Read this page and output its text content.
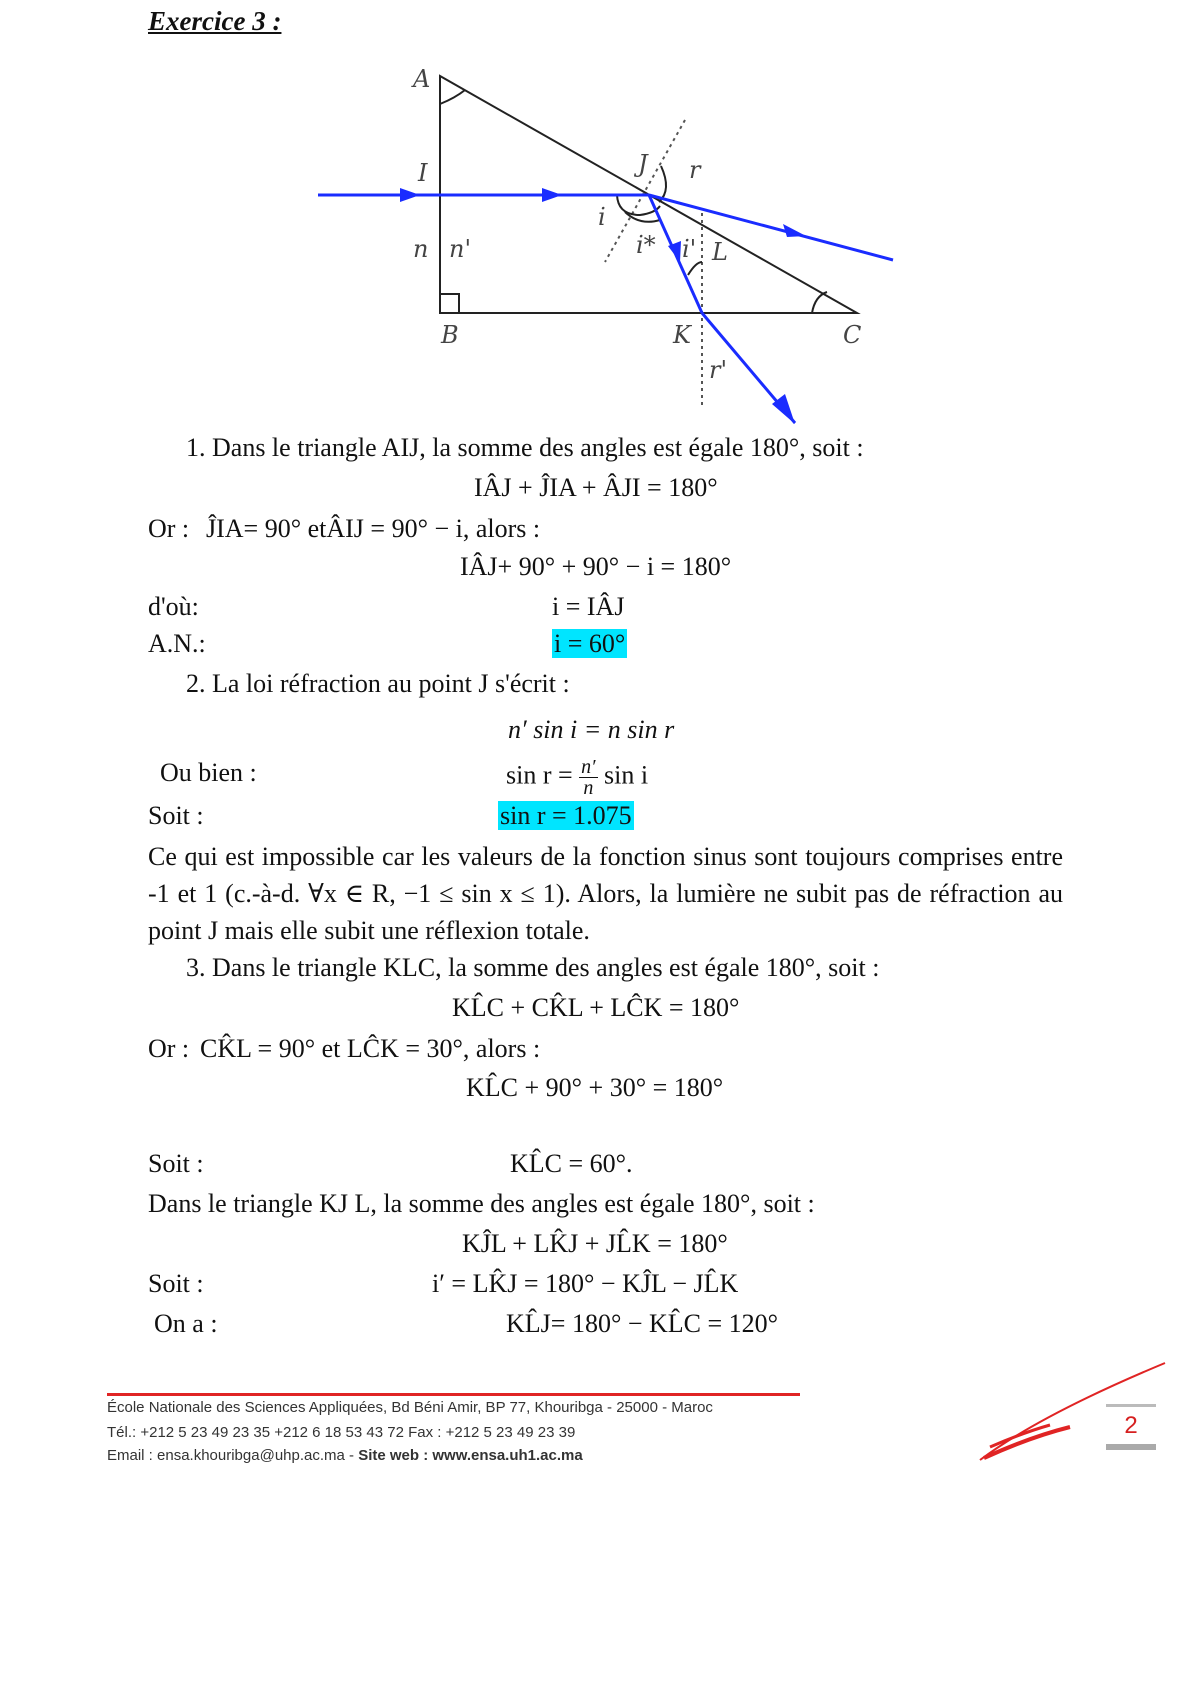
Exercice 3 :
A
I	J r
i
i* i' L
n n'
B	K	C
r'
1. Dans le triangle AIJ, la somme des angles est égale 180°, soit :
IÂJ + ĴIA + ÂJI = 180°
Or : ĴIA= 90° etÂIJ = 90° − i, alors :
IÂJ+ 90° + 90° − i = 180°
d'où:	i = IÂJ
A.N.:	i = 60°
2. La loi réfraction au point J s'écrit :
n′ sin i = n sin r
Ou bien :	$\sin r = \frac{n'}{n}$ sin i
Soit :	sin r = 1.075
Ce qui est impossible car les valeurs de la fonction sinus sont toujours comprises entre -1 et 1 (c.-à-d. ∀x ∈ R, −1 ≤ sin x ≤ 1). Alors, la lumière ne subit pas de réfraction au point J mais elle subit une réflexion totale.
3. Dans le triangle KLC, la somme des angles est égale 180°, soit :
KL̂C + CK̂L + LĈK = 180°
Or : CK̂L = 90° et LĈK = 30°, alors :
KL̂C + 90° + 30° = 180°
Soit :	KL̂C = 60°.
Dans le triangle KJ L, la somme des angles est égale 180°, soit :
KĴL + LK̂J + JL̂K = 180°
Soit :	i′ = LK̂J = 180° − KĴL − JL̂K
On a :	KL̂J= 180° − KL̂C = 120°
École Nationale des Sciences Appliquées, Bd Béni Amir, BP 77, Khouribga - 25000 - Maroc
Tél.: +212 5 23 49 23 35 +212 6 18 53 43 72 Fax : +212 5 23 49 23 39
Email : ensa.khouribga@uhp.ac.ma - Site web : www.ensa.uh1.ac.ma
2
